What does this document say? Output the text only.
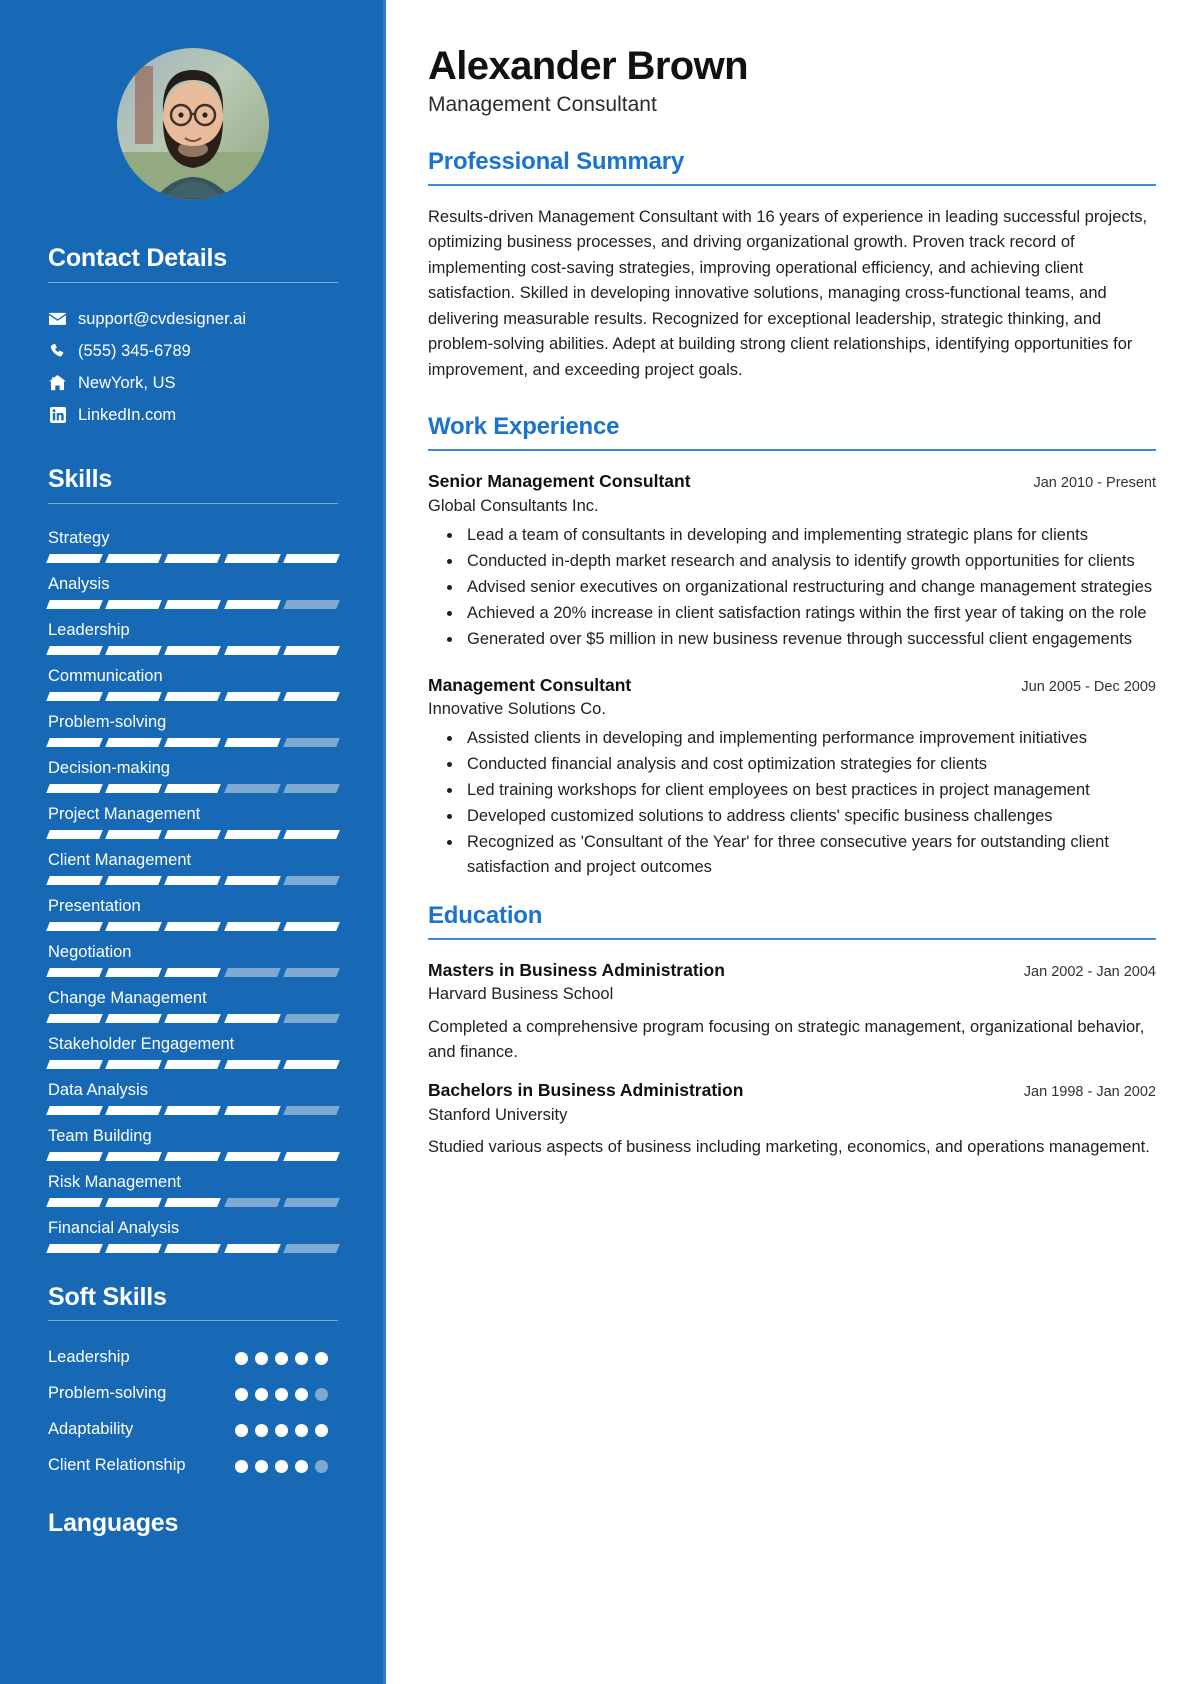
Contact Details
support@cvdesigner.ai
(555) 345-6789
NewYork, US
LinkedIn.com
Skills
Strategy
Analysis
Leadership
Communication
Problem-solving
Decision-making
Project Management
Client Management
Presentation
Negotiation
Change Management
Stakeholder Engagement
Data Analysis
Team Building
Risk Management
Financial Analysis
Soft Skills
Leadership
Problem-solving
Adaptability
Client Relationship
Languages
Alexander Brown
Management Consultant
Professional Summary

Results-driven Management Consultant with 16 years of experience in leading successful projects, optimizing business processes, and driving organizational growth. Proven track record of implementing cost-saving strategies, improving operational efficiency, and achieving client satisfaction. Skilled in developing innovative solutions, managing cross-functional teams, and delivering measurable results. Recognized for exceptional leadership, strategic thinking, and problem-solving abilities. Adept at building strong client relationships, identifying opportunities for improvement, and exceeding project goals.

Work Experience
Senior Management Consultant	Jan 2010 - Present
Global Consultants Inc.
• Lead a team of consultants in developing and implementing strategic plans for clients
• Conducted in-depth market research and analysis to identify growth opportunities for clients
• Advised senior executives on organizational restructuring and change management strategies
• Achieved a 20% increase in client satisfaction ratings within the first year of taking on the role
• Generated over $5 million in new business revenue through successful client engagements
Management Consultant	Jun 2005 - Dec 2009
Innovative Solutions Co.
• Assisted clients in developing and implementing performance improvement initiatives
• Conducted financial analysis and cost optimization strategies for clients
• Led training workshops for client employees on best practices in project management
• Developed customized solutions to address clients' specific business challenges
• Recognized as 'Consultant of the Year' for three consecutive years for outstanding client satisfaction and project outcomes
Education
Masters in Business Administration	Jan 2002 - Jan 2004
Harvard Business School
Completed a comprehensive program focusing on strategic management, organizational behavior, and finance.
Bachelors in Business Administration	Jan 1998 - Jan 2002
Stanford University
Studied various aspects of business including marketing, economics, and operations management.
